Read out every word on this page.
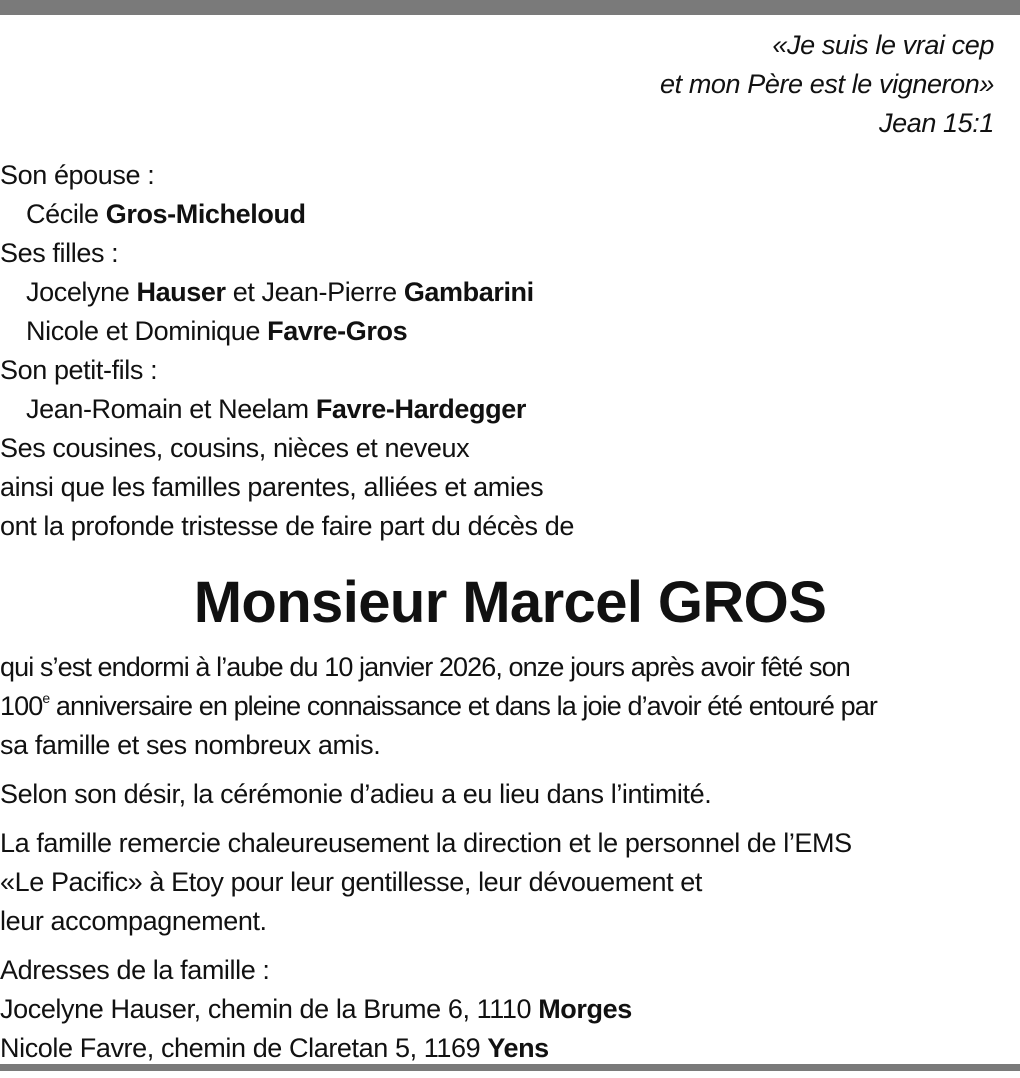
«Je suis le vrai cep
et mon Père est le vigneron»
Jean 15:1
Son épouse :
Cécile Gros-Micheloud
Ses filles :
Jocelyne Hauser et Jean-Pierre Gambarini
Nicole et Dominique Favre-Gros
Son petit-fils :
Jean-Romain et Neelam Favre-Hardegger
Ses cousines, cousins, nièces et neveux
ainsi que les familles parentes, alliées et amies
ont la profonde tristesse de faire part du décès de
Monsieur Marcel GROS
qui s’est endormi à l’aube du 10 janvier 2026, onze jours après avoir fêté son
100e anniversaire en pleine connaissance et dans la joie d’avoir été entouré par
sa famille et ses nombreux amis.
Selon son désir, la cérémonie d’adieu a eu lieu dans l’intimité.
La famille remercie chaleureusement la direction et le personnel de l’EMS
«Le Pacific» à Etoy pour leur gentillesse, leur dévouement et
leur accompagnement.
Adresses de la famille :
Jocelyne Hauser, chemin de la Brume 6, 1110 Morges
Nicole Favre, chemin de Claretan 5, 1169 Yens
